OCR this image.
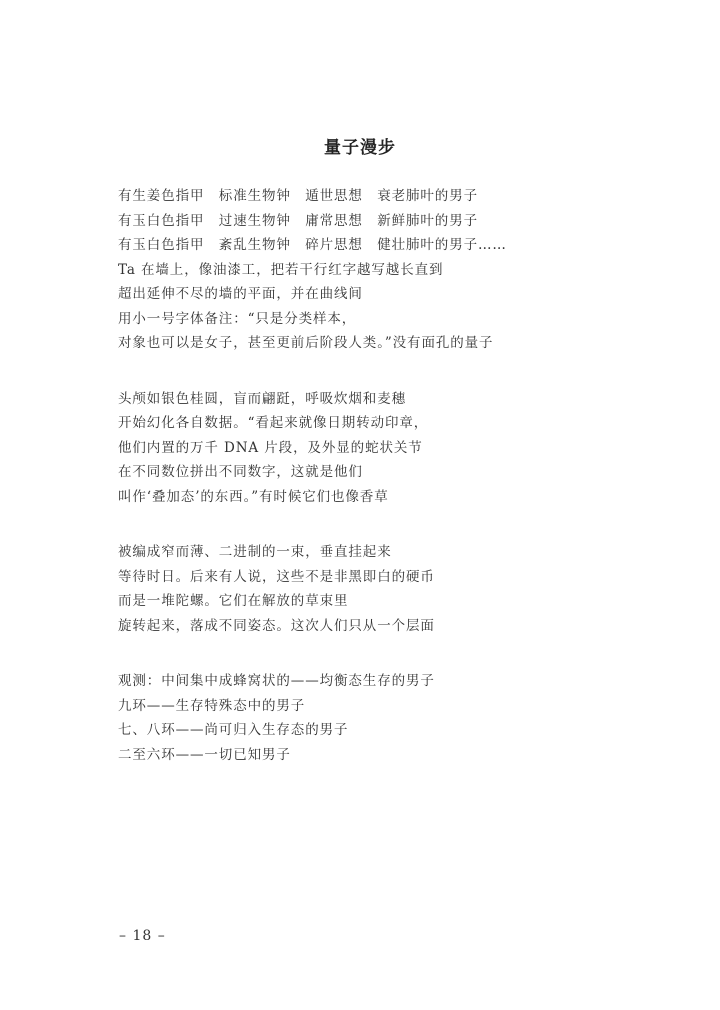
量子漫步
有生姜色指甲　标准生物钟　遁世思想　衰老肺叶的男子
有玉白色指甲　过速生物钟　庸常思想　新鲜肺叶的男子
有玉白色指甲　紊乱生物钟　碎片思想　健壮肺叶的男子……
Ta 在墙上，像油漆工，把若干行红字越写越长直到
超出延伸不尽的墙的平面，并在曲线间
用小一号字体备注：“只是分类样本，
对象也可以是女子，甚至更前后阶段人类。”没有面孔的量子
头颅如银色桂圆，盲而翩跹，呼吸炊烟和麦穗
开始幻化各自数据。“看起来就像日期转动印章，
他们内置的万千 DNA 片段，及外显的蛇状关节
在不同数位拼出不同数字，这就是他们
叫作‘叠加态’的东西。”有时候它们也像香草
被编成窄而薄、二进制的一束，垂直挂起来
等待时日。后来有人说，这些不是非黑即白的硬币
而是一堆陀螺。它们在解放的草束里
旋转起来，落成不同姿态。这次人们只从一个层面
观测：中间集中成蜂窝状的——均衡态生存的男子
九环——生存特殊态中的男子
七、八环——尚可归入生存态的男子
二至六环——一切已知男子
– 18 –
